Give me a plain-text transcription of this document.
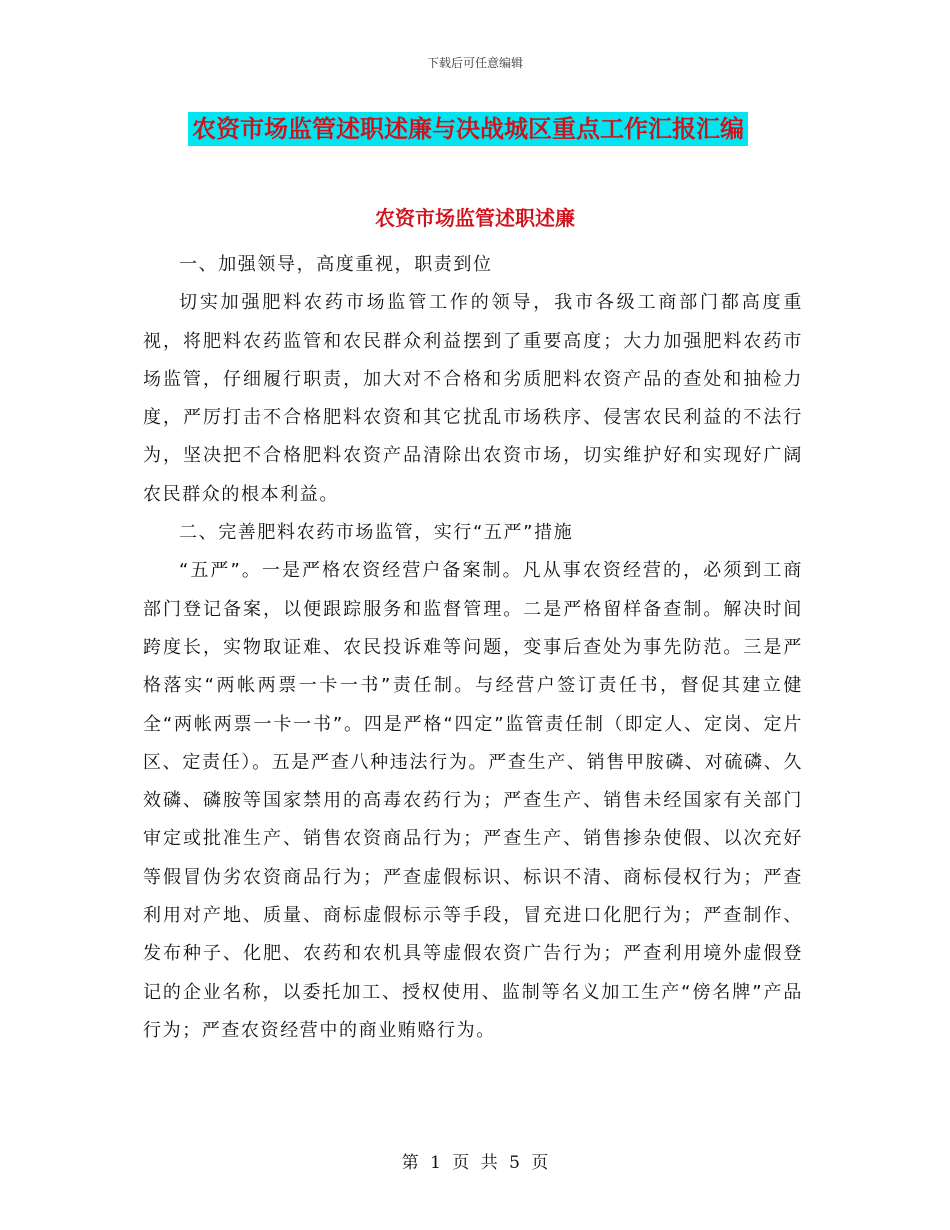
下载后可任意编辑
农资市场监管述职述廉与决战城区重点工作汇报汇编
农资市场监管述职述廉

一、加强领导，高度重视，职责到位

切实加强肥料农药市场监管工作的领导，我市各级工商部门都高度重视，将肥料农药监管和农民群众利益摆到了重要高度；大力加强肥料农药市场监管，仔细履行职责，加大对不合格和劣质肥料农资产品的查处和抽检力度，严厉打击不合格肥料农资和其它扰乱市场秩序、侵害农民利益的不法行为，坚决把不合格肥料农资产品清除出农资市场，切实维护好和实现好广阔农民群众的根本利益。

二、完善肥料农药市场监管，实行“五严”措施

“五严”。一是严格农资经营户备案制。凡从事农资经营的，必须到工商部门登记备案，以便跟踪服务和监督管理。二是严格留样备查制。解决时间跨度长，实物取证难、农民投诉难等问题，变事后查处为事先防范。三是严格落实“两帐两票一卡一书”责任制。与经营户签订责任书，督促其建立健全“两帐两票一卡一书”。四是严格“四定”监管责任制（即定人、定岗、定片区、定责任）。五是严查八种违法行为。严查生产、销售甲胺磷、对硫磷、久效磷、磷胺等国家禁用的高毒农药行为；严查生产、销售未经国家有关部门审定或批准生产、销售农资商品行为；严查生产、销售掺杂使假、以次充好等假冒伪劣农资商品行为；严查虚假标识、标识不清、商标侵权行为；严查利用对产地、质量、商标虚假标示等手段，冒充进口化肥行为；严查制作、发布种子、化肥、农药和农机具等虚假农资广告行为；严查利用境外虚假登记的企业名称，以委托加工、授权使用、监制等名义加工生产“傍名牌”产品行为；严查农资经营中的商业贿赂行为。

第 1 页 共 5 页
